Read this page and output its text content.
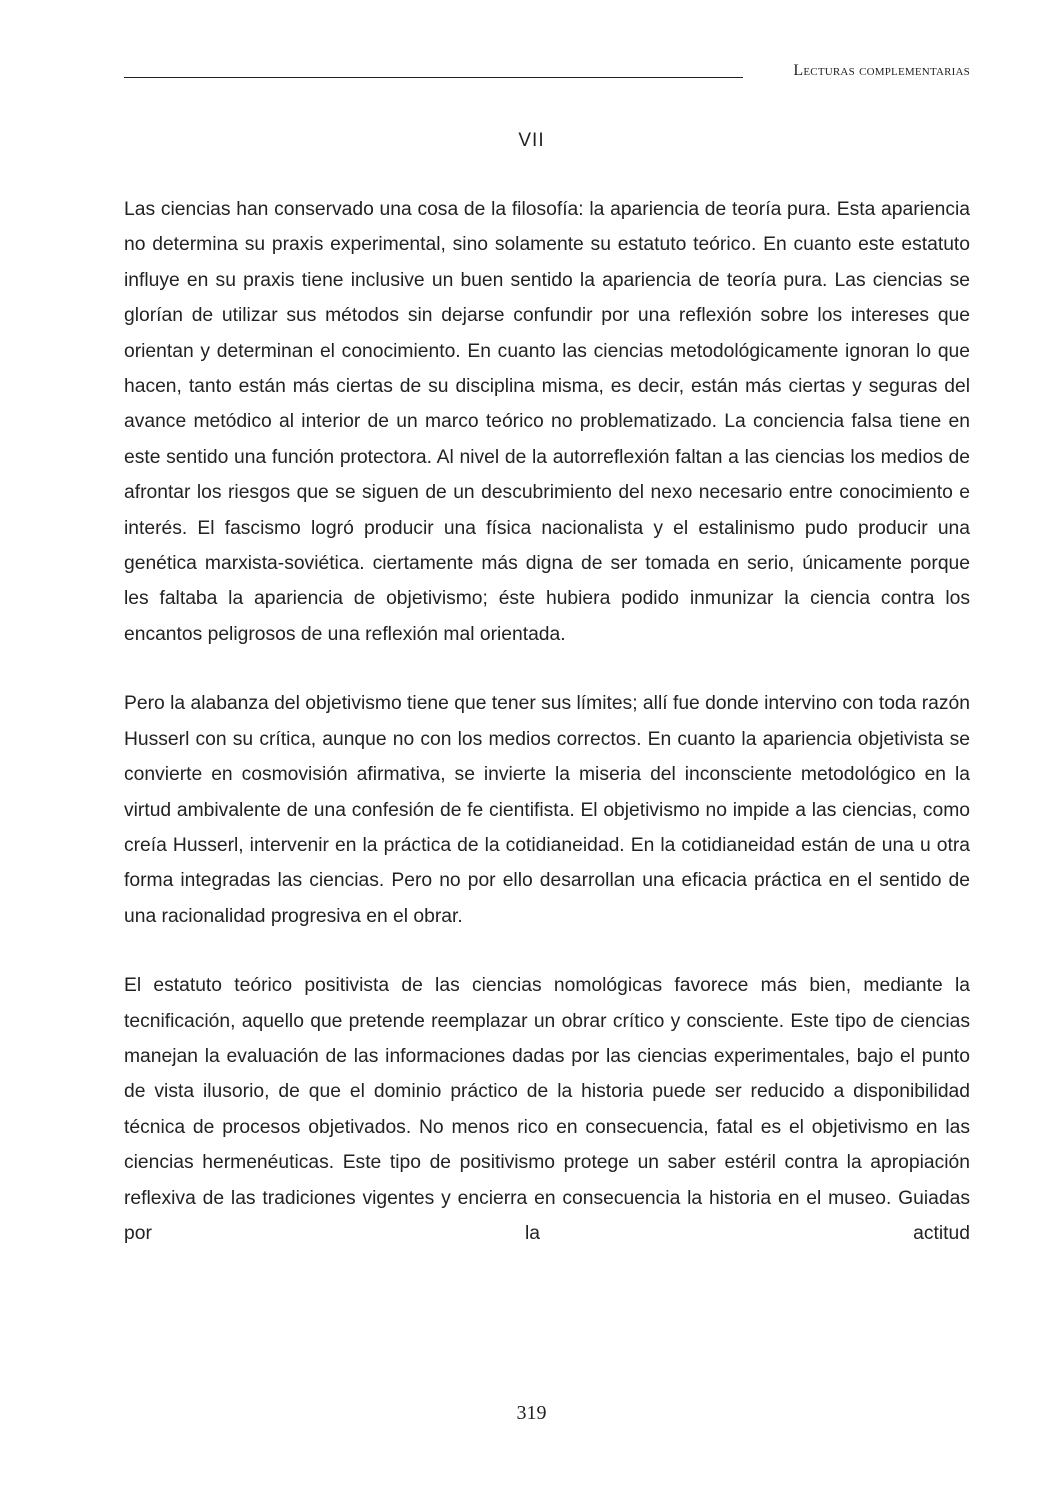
Lecturas complementarias
VII

Las ciencias han conservado una cosa de la filosofía: la apariencia de teoría pura. Esta apariencia no determina su praxis experimental, sino solamente su estatuto teórico. En cuanto este estatuto influye en su praxis tiene inclusive un buen sentido la apariencia de teoría pura. Las ciencias se glorían de utilizar sus métodos sin dejarse confundir por una reflexión sobre los intereses que orientan y determinan el conocimiento. En cuanto las ciencias metodológicamente ignoran lo que hacen, tanto están más ciertas de su disciplina misma, es decir, están más ciertas y seguras del avance metódico al interior de un marco teórico no problematizado. La conciencia falsa tiene en este sentido una función protectora. Al nivel de la autorreflexión faltan a las ciencias los medios de afrontar los riesgos que se siguen de un descubrimiento del nexo necesario entre conocimiento e interés. El fascismo logró producir una física nacionalista y el estalinismo pudo producir una genética marxista-soviética. ciertamente más digna de ser tomada en serio, únicamente porque les faltaba la apariencia de objetivismo; éste hubiera podido inmunizar la ciencia contra los encantos peligrosos de una reflexión mal orientada.

Pero la alabanza del objetivismo tiene que tener sus límites; allí fue donde intervino con toda razón Husserl con su crítica, aunque no con los medios correctos. En cuanto la apariencia objetivista se convierte en cosmovisión afirmativa, se invierte la miseria del inconsciente metodológico en la virtud ambivalente de una confesión de fe cientifista. El objetivismo no impide a las ciencias, como creía Husserl, intervenir en la práctica de la cotidianeidad. En la cotidianeidad están de una u otra forma integradas las ciencias. Pero no por ello desarrollan una eficacia práctica en el sentido de una racionalidad progresiva en el obrar.

El estatuto teórico positivista de las ciencias nomológicas favorece más bien, mediante la tecnificación, aquello que pretende reemplazar un obrar crítico y consciente. Este tipo de ciencias manejan la evaluación de las informaciones dadas por las ciencias experimentales, bajo el punto de vista ilusorio, de que el dominio práctico de la historia puede ser reducido a disponibilidad técnica de procesos objetivados. No menos rico en consecuencia, fatal es el objetivismo en las ciencias hermenéuticas. Este tipo de positivismo protege un saber estéril contra la apropiación reflexiva de las tradiciones vigentes y encierra en consecuencia la historia en el museo. Guiadas por la actitud

319
